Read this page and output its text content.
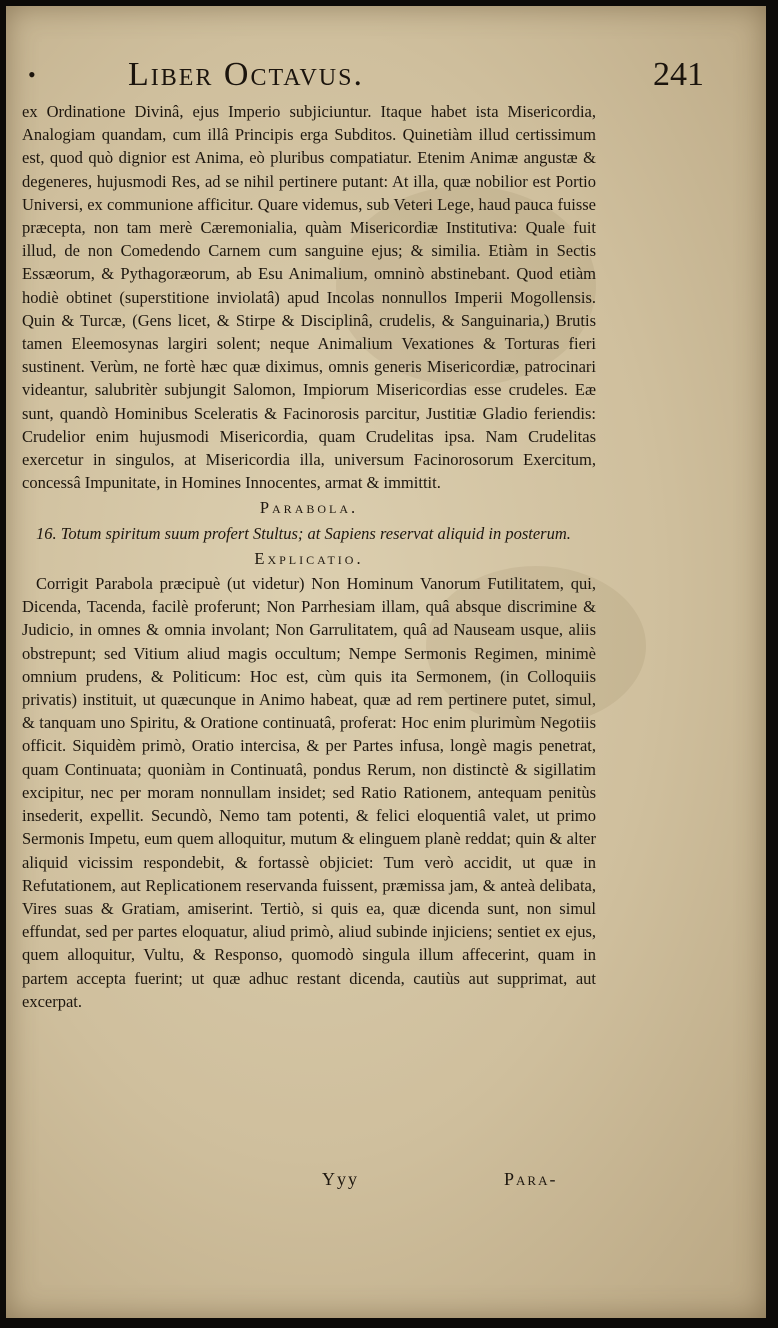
•	Liber Octavus.	241

ex Ordinatione Divinâ, ejus Imperio subjiciuntur. Itaque habet ista Misericordia, Analogiam quandam, cum illâ Principis erga Subditos. Quinetiàm illud certissimum est, quod quò dignior est Anima, eò pluribus compatiatur. Etenim Animæ angustæ & degeneres, hujusmodi Res, ad se nihil pertinere putant: At illa, quæ nobilior est Portio Universi, ex communione afficitur. Quare videmus, sub Veteri Lege, haud pauca fuisse præcepta, non tam merè Cæremonialia, quàm Misericordiæ Institutiva: Quale fuit illud, de non Comedendo Carnem cum sanguine ejus; & similia. Etiàm in Sectis Essæorum, & Pythagoræorum, ab Esu Animalium, omninò abstinebant. Quod etiàm hodiè obtinet (superstitione inviolatâ) apud Incolas nonnullos Imperii Mogollensis. Quin & Turcæ, (Gens licet, & Stirpe & Disciplinâ, crudelis, & Sanguinaria,) Brutis tamen Eleemosynas largiri solent; neque Animalium Vexationes & Torturas fieri sustinent. Verùm, ne fortè hæc quæ diximus, omnis generis Misericordiæ, patrocinari videantur, salubritèr subjungit Salomon, Impiorum Misericordias esse crudeles. Eæ sunt, quandò Hominibus Sceleratis & Facinorosis parcitur, Justitiæ Gladio feriendis: Crudelior enim hujusmodi Misericordia, quam Crudelitas ipsa. Nam Crudelitas exercetur in singulos, at Misericordia illa, universum Facinorosorum Exercitum, concessâ Impunitate, in Homines Innocentes, armat & immittit.

Parabola.

16. Totum spiritum suum profert Stultus; at Sapiens reservat aliquid in posterum.

Explicatio.

Corrigit Parabola præcipuè (ut videtur) Non Hominum Vanorum Futilitatem, qui, Dicenda, Tacenda, facilè proferunt; Non Parrhesiam illam, quâ absque discrimine & Judicio, in omnes & omnia involant; Non Garrulitatem, quâ ad Nauseam usque, aliis obstrepunt; sed Vitium aliud magis occultum; Nempe Sermonis Regimen, minimè omnium prudens, & Politicum: Hoc est, cùm quis ita Sermonem, (in Colloquiis privatis) instituit, ut quæcunque in Animo habeat, quæ ad rem pertinere putet, simul, & tanquam uno Spiritu, & Oratione continuatâ, proferat: Hoc enim plurimùm Negotiis officit. Siquidèm primò, Oratio intercisa, & per Partes infusa, longè magis penetrat, quam Continuata; quoniàm in Continuatâ, pondus Rerum, non distinctè & sigillatim excipitur, nec per moram nonnullam insidet; sed Ratio Rationem, antequam penitùs insederit, expellit. Secundò, Nemo tam potenti, & felici eloquentiâ valet, ut primo Sermonis Impetu, eum quem alloquitur, mutum & elinguem planè reddat; quin & alter aliquid vicissim respondebit, & fortassè objiciet: Tum verò accidit, ut quæ in Refutationem, aut Replicationem reservanda fuissent, præmissa jam, & anteà delibata, Vires suas & Gratiam, amiserint. Tertiò, si quis ea, quæ dicenda sunt, non simul effundat, sed per partes eloquatur, aliud primò, aliud subinde injiciens; sentiet ex ejus, quem alloquitur, Vultu, & Responso, quomodò singula illum affecerint, quam in partem accepta fuerint; ut quæ adhuc restant dicenda, cautiùs aut supprimat, aut excerpat.

Yyy	Para-
